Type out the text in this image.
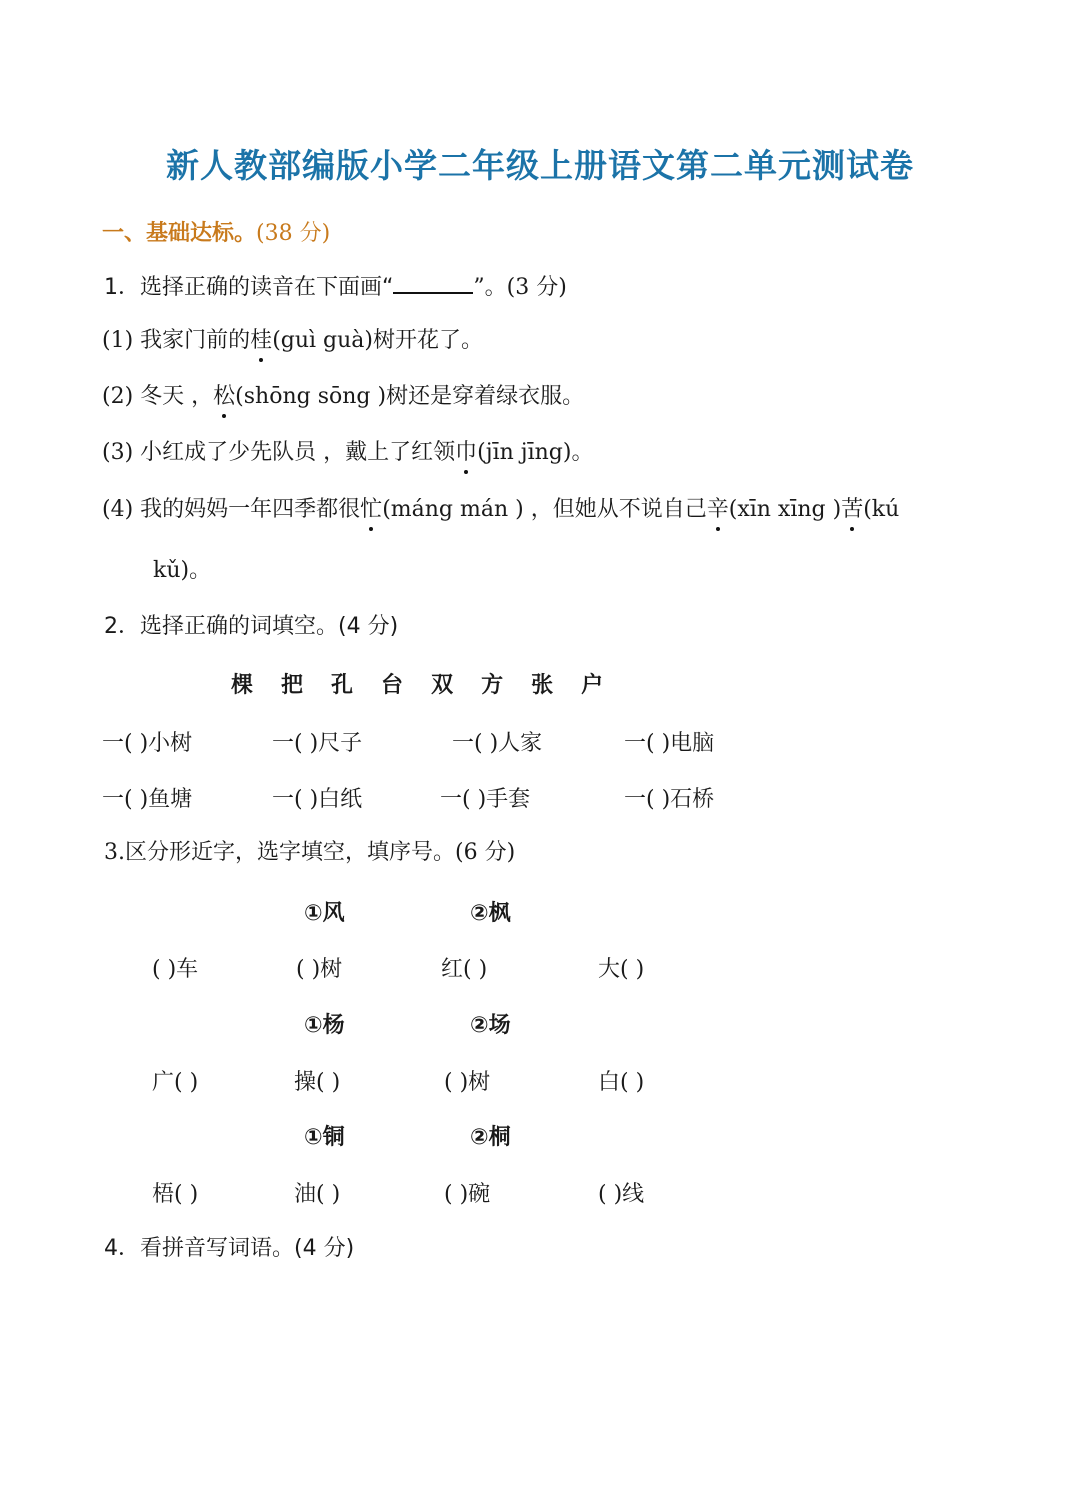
新人教部编版小学二年级上册语文第二单元测试卷
一、基础达标。(38 分)
1．选择正确的读音在下面画“	”。(3 分)
(1) 我家门前的桂(guì guà)树开花了。
(2) 冬天 ，松(shōng sōng )树还是穿着绿衣服。
(3) 小红成了少先队员 ，戴上了红领巾(jīn jīng)。
(4) 我的妈妈一年四季都很忙(máng mán ) ，但她从不说自己辛(xīn xīng )苦(kú
kǔ)。
2．选择正确的词填空。(4 分)
棵 把 孔 台 双 方 张 户
一( )小树	一( )尺子	一( )人家	一( )电脑
一( )鱼塘	一( )白纸	一( )手套	一( )石桥
3.区分形近字，选字填空，填序号。(6 分)
①风	②枫
( )车	( )树	红( )	大( )
①杨	②场
广( )	操( )	( )树	白( )
①铜	②桐
梧( )	油( )	( )碗	( )线
4．看拼音写词语。(4 分)
